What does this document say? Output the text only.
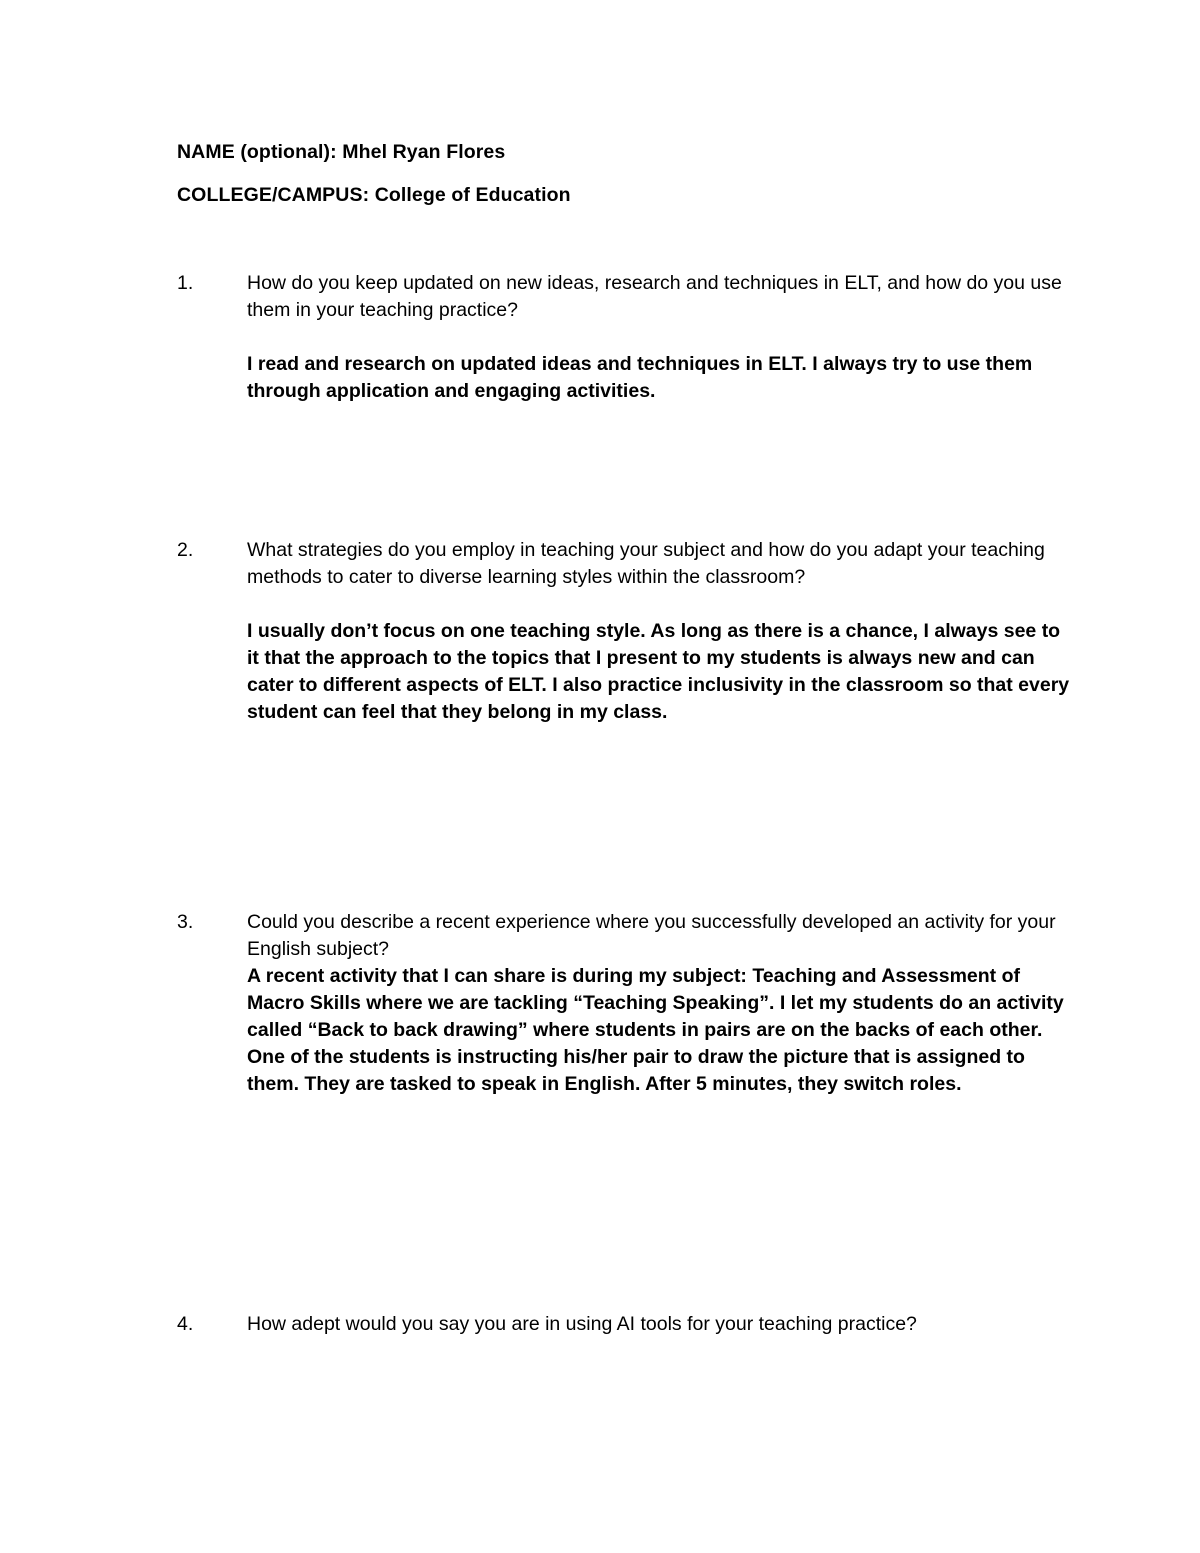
NAME (optional): Mhel Ryan Flores
COLLEGE/CAMPUS: College of Education
1.	How do you keep updated on new ideas, research and techniques in ELT, and how do you use them in your teaching practice?

I read and research on updated ideas and techniques in ELT. I always try to use them through application and engaging activities.

2.	What strategies do you employ in teaching your subject and how do you adapt your teaching methods to cater to diverse learning styles within the classroom?

I usually don’t focus on one teaching style. As long as there is a chance, I always see to it that the approach to the topics that I present to my students is always new and can cater to different aspects of ELT. I also practice inclusivity in the classroom so that every student can feel that they belong in my class.

3.	Could you describe a recent experience where you successfully developed an activity for your English subject?

A recent activity that I can share is during my subject: Teaching and Assessment of Macro Skills where we are tackling “Teaching Speaking”. I let my students do an activity called “Back to back drawing” where students in pairs are on the backs of each other. One of the students is instructing his/her pair to draw the picture that is assigned to them. They are tasked to speak in English. After 5 minutes, they switch roles.

4.	How adept would you say you are in using AI tools for your teaching practice?
